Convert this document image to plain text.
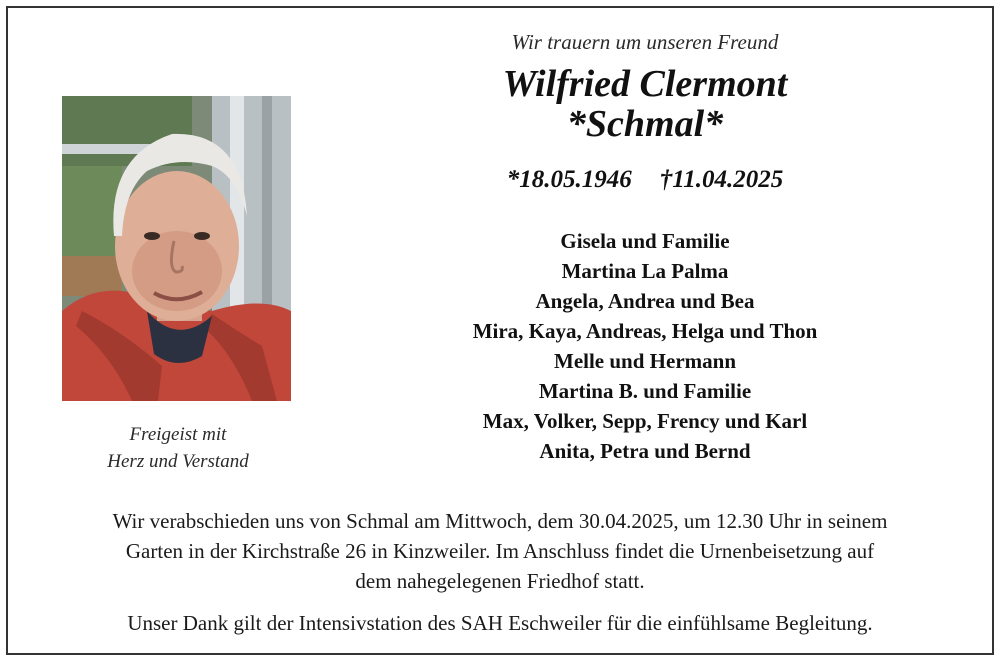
Freigeist mit
Herz und Verstand
Wir trauern um unseren Freund
Wilfried Clermont
*Schmal*
*18.05.1946 †11.04.2025
Gisela und Familie
Martina La Palma
Angela, Andrea und Bea
Mira, Kaya, Andreas, Helga und Thon
Melle und Hermann
Martina B. und Familie
Max, Volker, Sepp, Frency und Karl
Anita, Petra und Bernd
Wir verabschieden uns von Schmal am Mittwoch, dem 30.04.2025, um 12.30 Uhr in seinem
Garten in der Kirchstraße 26 in Kinzweiler. Im Anschluss findet die Urnenbeisetzung auf
dem nahegelegenen Friedhof statt.
Unser Dank gilt der Intensivstation des SAH Eschweiler für die einfühlsame Begleitung.
